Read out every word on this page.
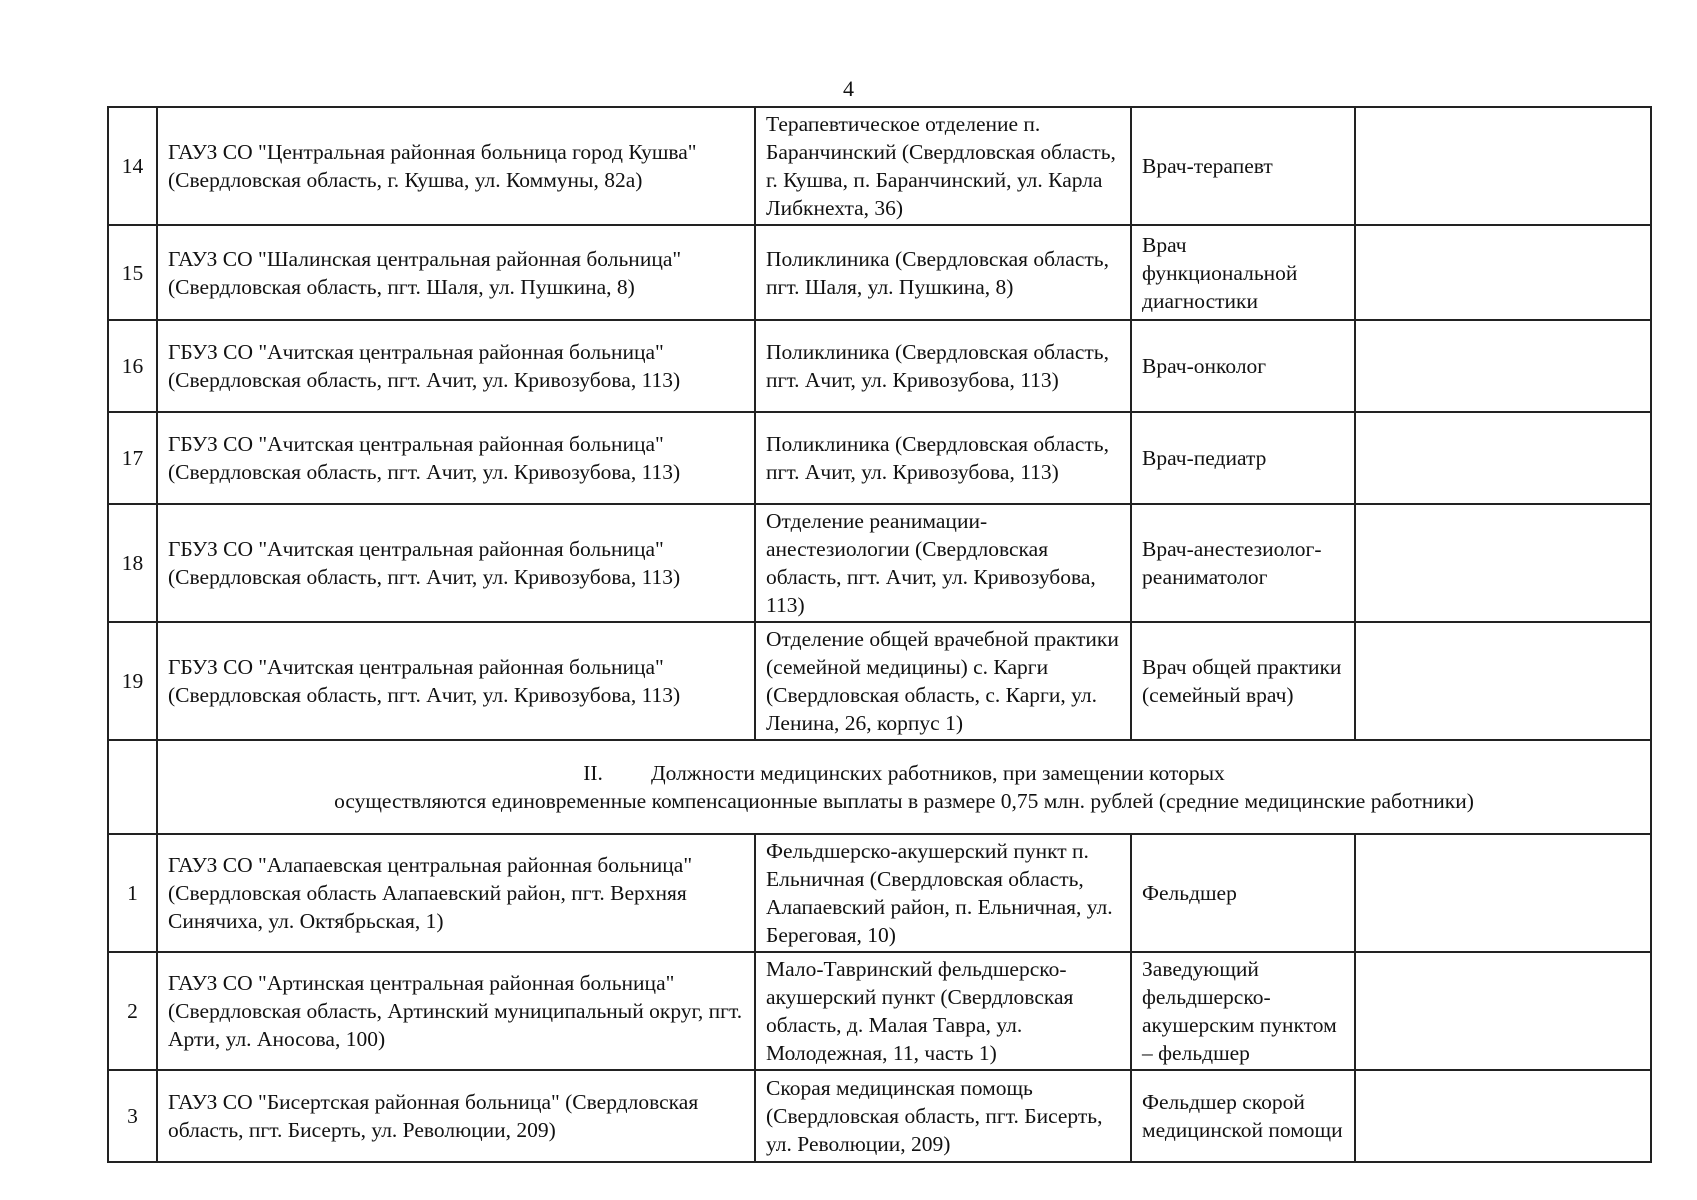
4
14	ГАУЗ СО "Центральная районная больница город Кушва" (Свердловская область, г. Кушва, ул. Коммуны, 82а)	Терапевтическое отделение п. Баранчинский (Свердловская область, г. Кушва, п. Баранчинский, ул. Карла Либкнехта, 36)	Врач-терапевт	
15	ГАУЗ СО "Шалинская центральная районная больница" (Свердловская область, пгт. Шаля, ул. Пушкина, 8)	Поликлиника (Свердловская область, пгт. Шаля, ул. Пушкина, 8)	Врач функциональной диагностики	
16	ГБУЗ СО "Ачитская центральная районная больница" (Свердловская область, пгт. Ачит, ул. Кривозубова, 113)	Поликлиника (Свердловская область, пгт. Ачит, ул. Кривозубова, 113)	Врач-онколог	
17	ГБУЗ СО "Ачитская центральная районная больница" (Свердловская область, пгт. Ачит, ул. Кривозубова, 113)	Поликлиника (Свердловская область, пгт. Ачит, ул. Кривозубова, 113)	Врач-педиатр	
18	ГБУЗ СО "Ачитская центральная районная больница" (Свердловская область, пгт. Ачит, ул. Кривозубова, 113)	Отделение реанимации-анестезиологии (Свердловская область, пгт. Ачит, ул. Кривозубова, 113)	Врач-анестезиолог-реаниматолог	
19	ГБУЗ СО "Ачитская центральная районная больница" (Свердловская область, пгт. Ачит, ул. Кривозубова, 113)	Отделение общей врачебной практики (семейной медицины) с. Карги (Свердловская область, с. Карги, ул. Ленина, 26, корпус 1)	Врач общей практики (семейный врач)	

	II. Должности медицинских работников, при замещении которых
осуществляются единовременные компенсационные выплаты в размере 0,75 млн. рублей (средние медицинские работники)			

1	ГАУЗ СО "Алапаевская центральная районная больница" (Свердловская область Алапаевский район, пгт. Верхняя Синячиха, ул. Октябрьская, 1)	Фельдшерско-акушерский пункт п. Ельничная (Свердловская область, Алапаевский район, п. Ельничная, ул. Береговая, 10)	Фельдшер	
2	ГАУЗ СО "Артинская центральная районная больница" (Свердловская область, Артинский муниципальный округ, пгт. Арти, ул. Аносова, 100)	Мало-Тавринский фельдшерско-акушерский пункт (Свердловская область, д. Малая Тавра, ул. Молодежная, 11, часть 1)	Заведующий фельдшерско-акушерским пунктом – фельдшер	
3	ГАУЗ СО "Бисертская районная больница" (Свердловская область, пгт. Бисерть, ул. Революции, 209)	Скорая медицинская помощь (Свердловская область, пгт. Бисерть, ул. Революции, 209)	Фельдшер скорой медицинской помощи	
